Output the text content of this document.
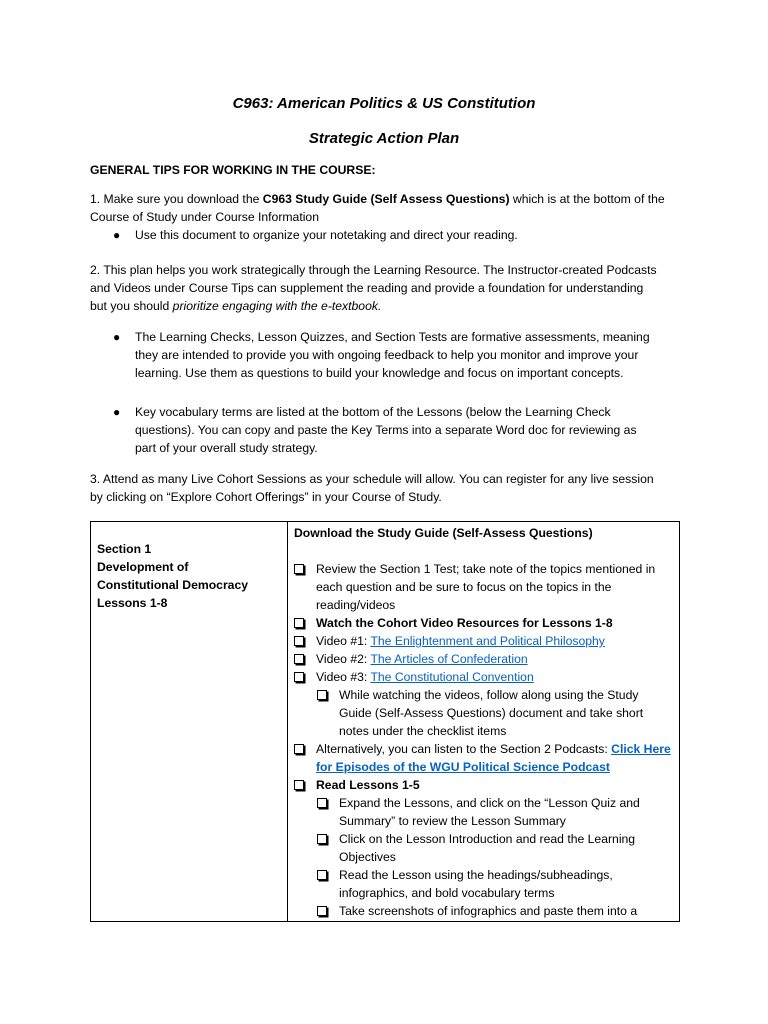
C963: American Politics & US Constitution
Strategic Action Plan
GENERAL TIPS FOR WORKING IN THE COURSE:
1. Make sure you download the C963 Study Guide (Self Assess Questions) which is at the bottom of the
Course of Study under Course Information
● Use this document to organize your notetaking and direct your reading.
2. This plan helps you work strategically through the Learning Resource. The Instructor-created Podcasts
and Videos under Course Tips can supplement the reading and provide a foundation for understanding
but you should prioritize engaging with the e-textbook.
● The Learning Checks, Lesson Quizzes, and Section Tests are formative assessments, meaning
they are intended to provide you with ongoing feedback to help you monitor and improve your
learning. Use them as questions to build your knowledge and focus on important concepts.
● Key vocabulary terms are listed at the bottom of the Lessons (below the Learning Check
questions). You can copy and paste the Key Terms into a separate Word doc for reviewing as
part of your overall study strategy.
3. Attend as many Live Cohort Sessions as your schedule will allow. You can register for any live session
by clicking on “Explore Cohort Offerings” in your Course of Study.
Section 1
Development of
Constitutional Democracy
Lessons 1-8

Download the Study Guide (Self-Assess Questions)
Review the Section 1 Test; take note of the topics mentioned in
each question and be sure to focus on the topics in the
reading/videos
Watch the Cohort Video Resources for Lessons 1-8
Video #1: The Enlightenment and Political Philosophy
Video #2: The Articles of Confederation
Video #3: The Constitutional Convention
While watching the videos, follow along using the Study
Guide (Self-Assess Questions) document and take short
notes under the checklist items
Alternatively, you can listen to the Section 2 Podcasts: Click Here
for Episodes of the WGU Political Science Podcast
Read Lessons 1-5
Expand the Lessons, and click on the “Lesson Quiz and
Summary” to review the Lesson Summary
Click on the Lesson Introduction and read the Learning
Objectives
Read the Lesson using the headings/subheadings,
infographics, and bold vocabulary terms
Take screenshots of infographics and paste them into a
